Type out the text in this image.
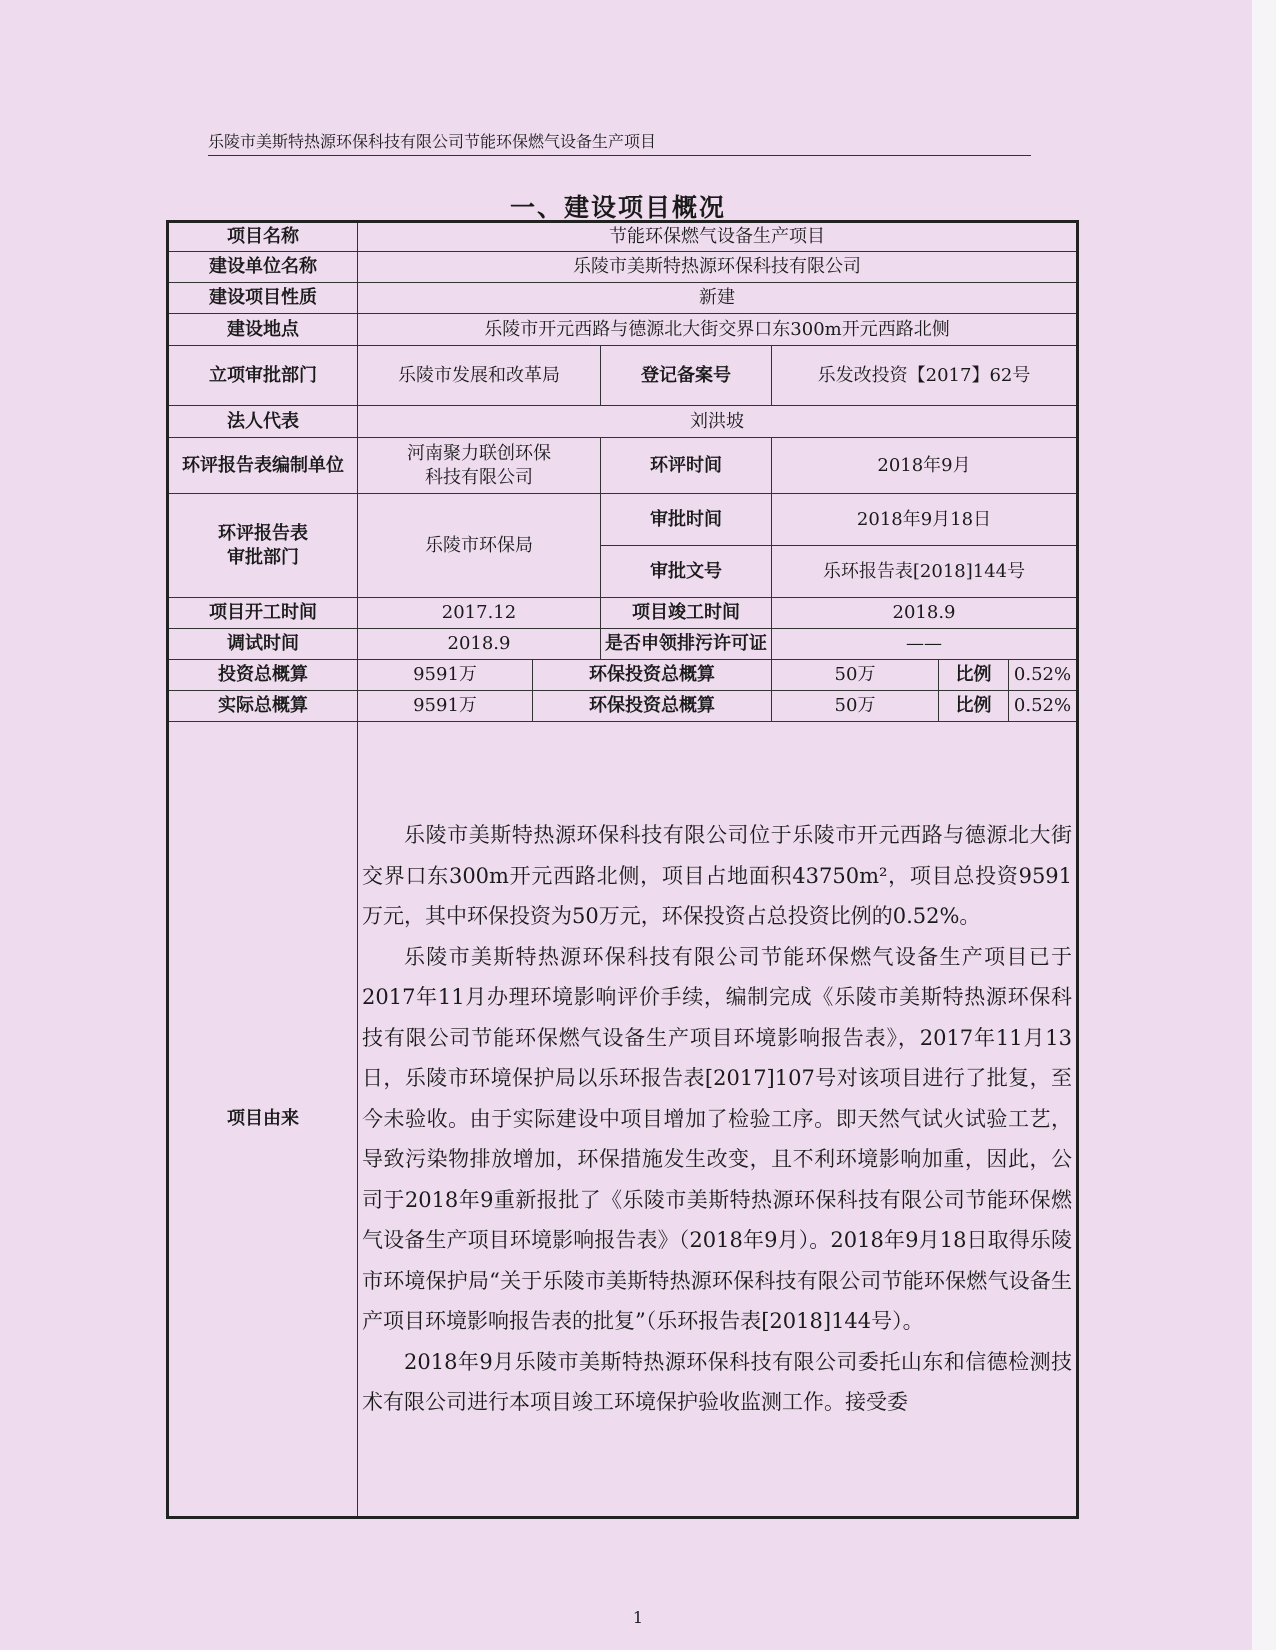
乐陵市美斯特热源环保科技有限公司节能环保燃气设备生产项目
一、建设项目概况
项目名称	节能环保燃气设备生产项目					
建设单位名称	乐陵市美斯特热源环保科技有限公司					
建设项目性质	新建					
建设地点	乐陵市开元西路与德源北大街交界口东300m开元西路北侧					
立项审批部门	乐陵市发展和改革局		登记备案号	乐发改投资【2017】62号		
法人代表	刘洪坡					
环评报告表编制单位	河南聚力联创环保科技有限公司		环评时间	2018年9月		
环评报告表审批部门	乐陵市环保局		审批时间	2018年9月18日		
			审批文号	乐环报告表[2018]144号		
项目开工时间	2017.12		项目竣工时间	2018.9		
调试时间	2018.9		是否申领排污许可证	——		
投资总概算	9591万	环保投资总概算		50万	比例	0.52%
实际总概算	9591万	环保投资总概算		50万	比例	0.52%
项目由来	乐陵市美斯特热源环保科技有限公司位于乐陵市开元西路与德源北大街交界口东300m开元西路北侧，项目占地面积43750m²，项目总投资9591万元，其中环保投资为50万元，环保投资占总投资比例的0.52%。

乐陵市美斯特热源环保科技有限公司节能环保燃气设备生产项目已于2017年11月办理环境影响评价手续，编制完成《乐陵市美斯特热源环保科技有限公司节能环保燃气设备生产项目环境影响报告表》，2017年11月13日，乐陵市环境保护局以乐环报告表[2017]107号对该项目进行了批复，至今未验收。由于实际建设中项目增加了检验工序。即天然气试火试验工艺，导致污染物排放增加，环保措施发生改变，且不利环境影响加重，因此，公司于2018年9重新报批了《乐陵市美斯特热源环保科技有限公司节能环保燃气设备生产项目环境影响报告表》（2018年9月）。2018年9月18日取得乐陵市环境保护局“关于乐陵市美斯特热源环保科技有限公司节能环保燃气设备生产项目环境影响报告表的批复”（乐环报告表[2018]144号）。

2018年9月乐陵市美斯特热源环保科技有限公司委托山东和信德检测技术有限公司进行本项目竣工环境保护验收监测工作。接受委					

1
